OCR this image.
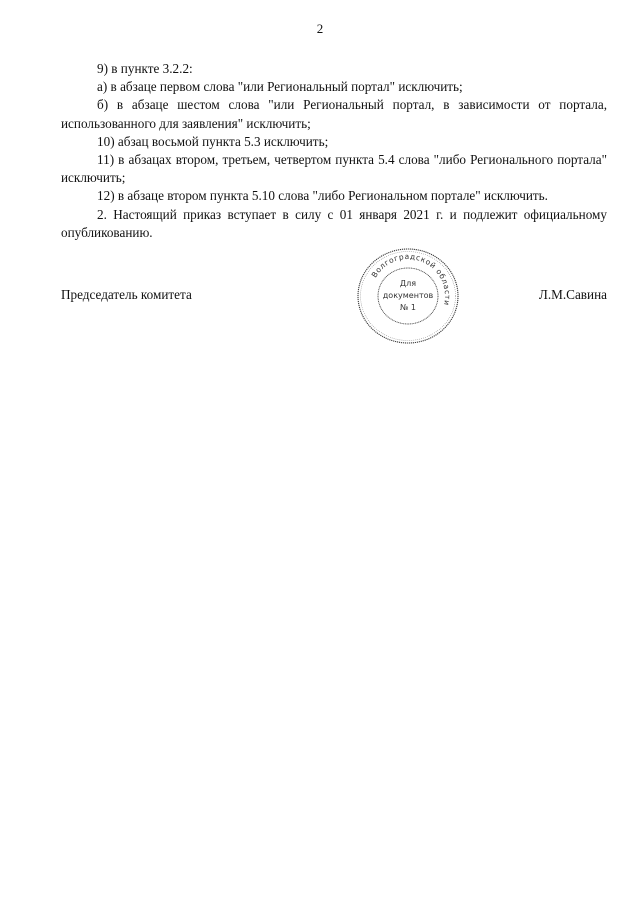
2

9) в пункте 3.2.2:

а) в абзаце первом слова "или Региональный портал" исключить;

б) в абзаце шестом слова "или Региональный портал, в зависимости от портала, использованного для заявления" исключить;

10) абзац восьмой пункта 5.3 исключить;

11) в абзацах втором, третьем, четвертом пункта 5.4 слова "либо Регионального портала" исключить;

12) в абзаце втором пункта 5.10 слова "либо Региональном портале" исключить.

2. Настоящий приказ вступает в силу с 01 января 2021 г. и подлежит официальному опубликованию.

Председатель комитета	Л.М.Савина
Волгоградской области
Для
документов
№ 1
